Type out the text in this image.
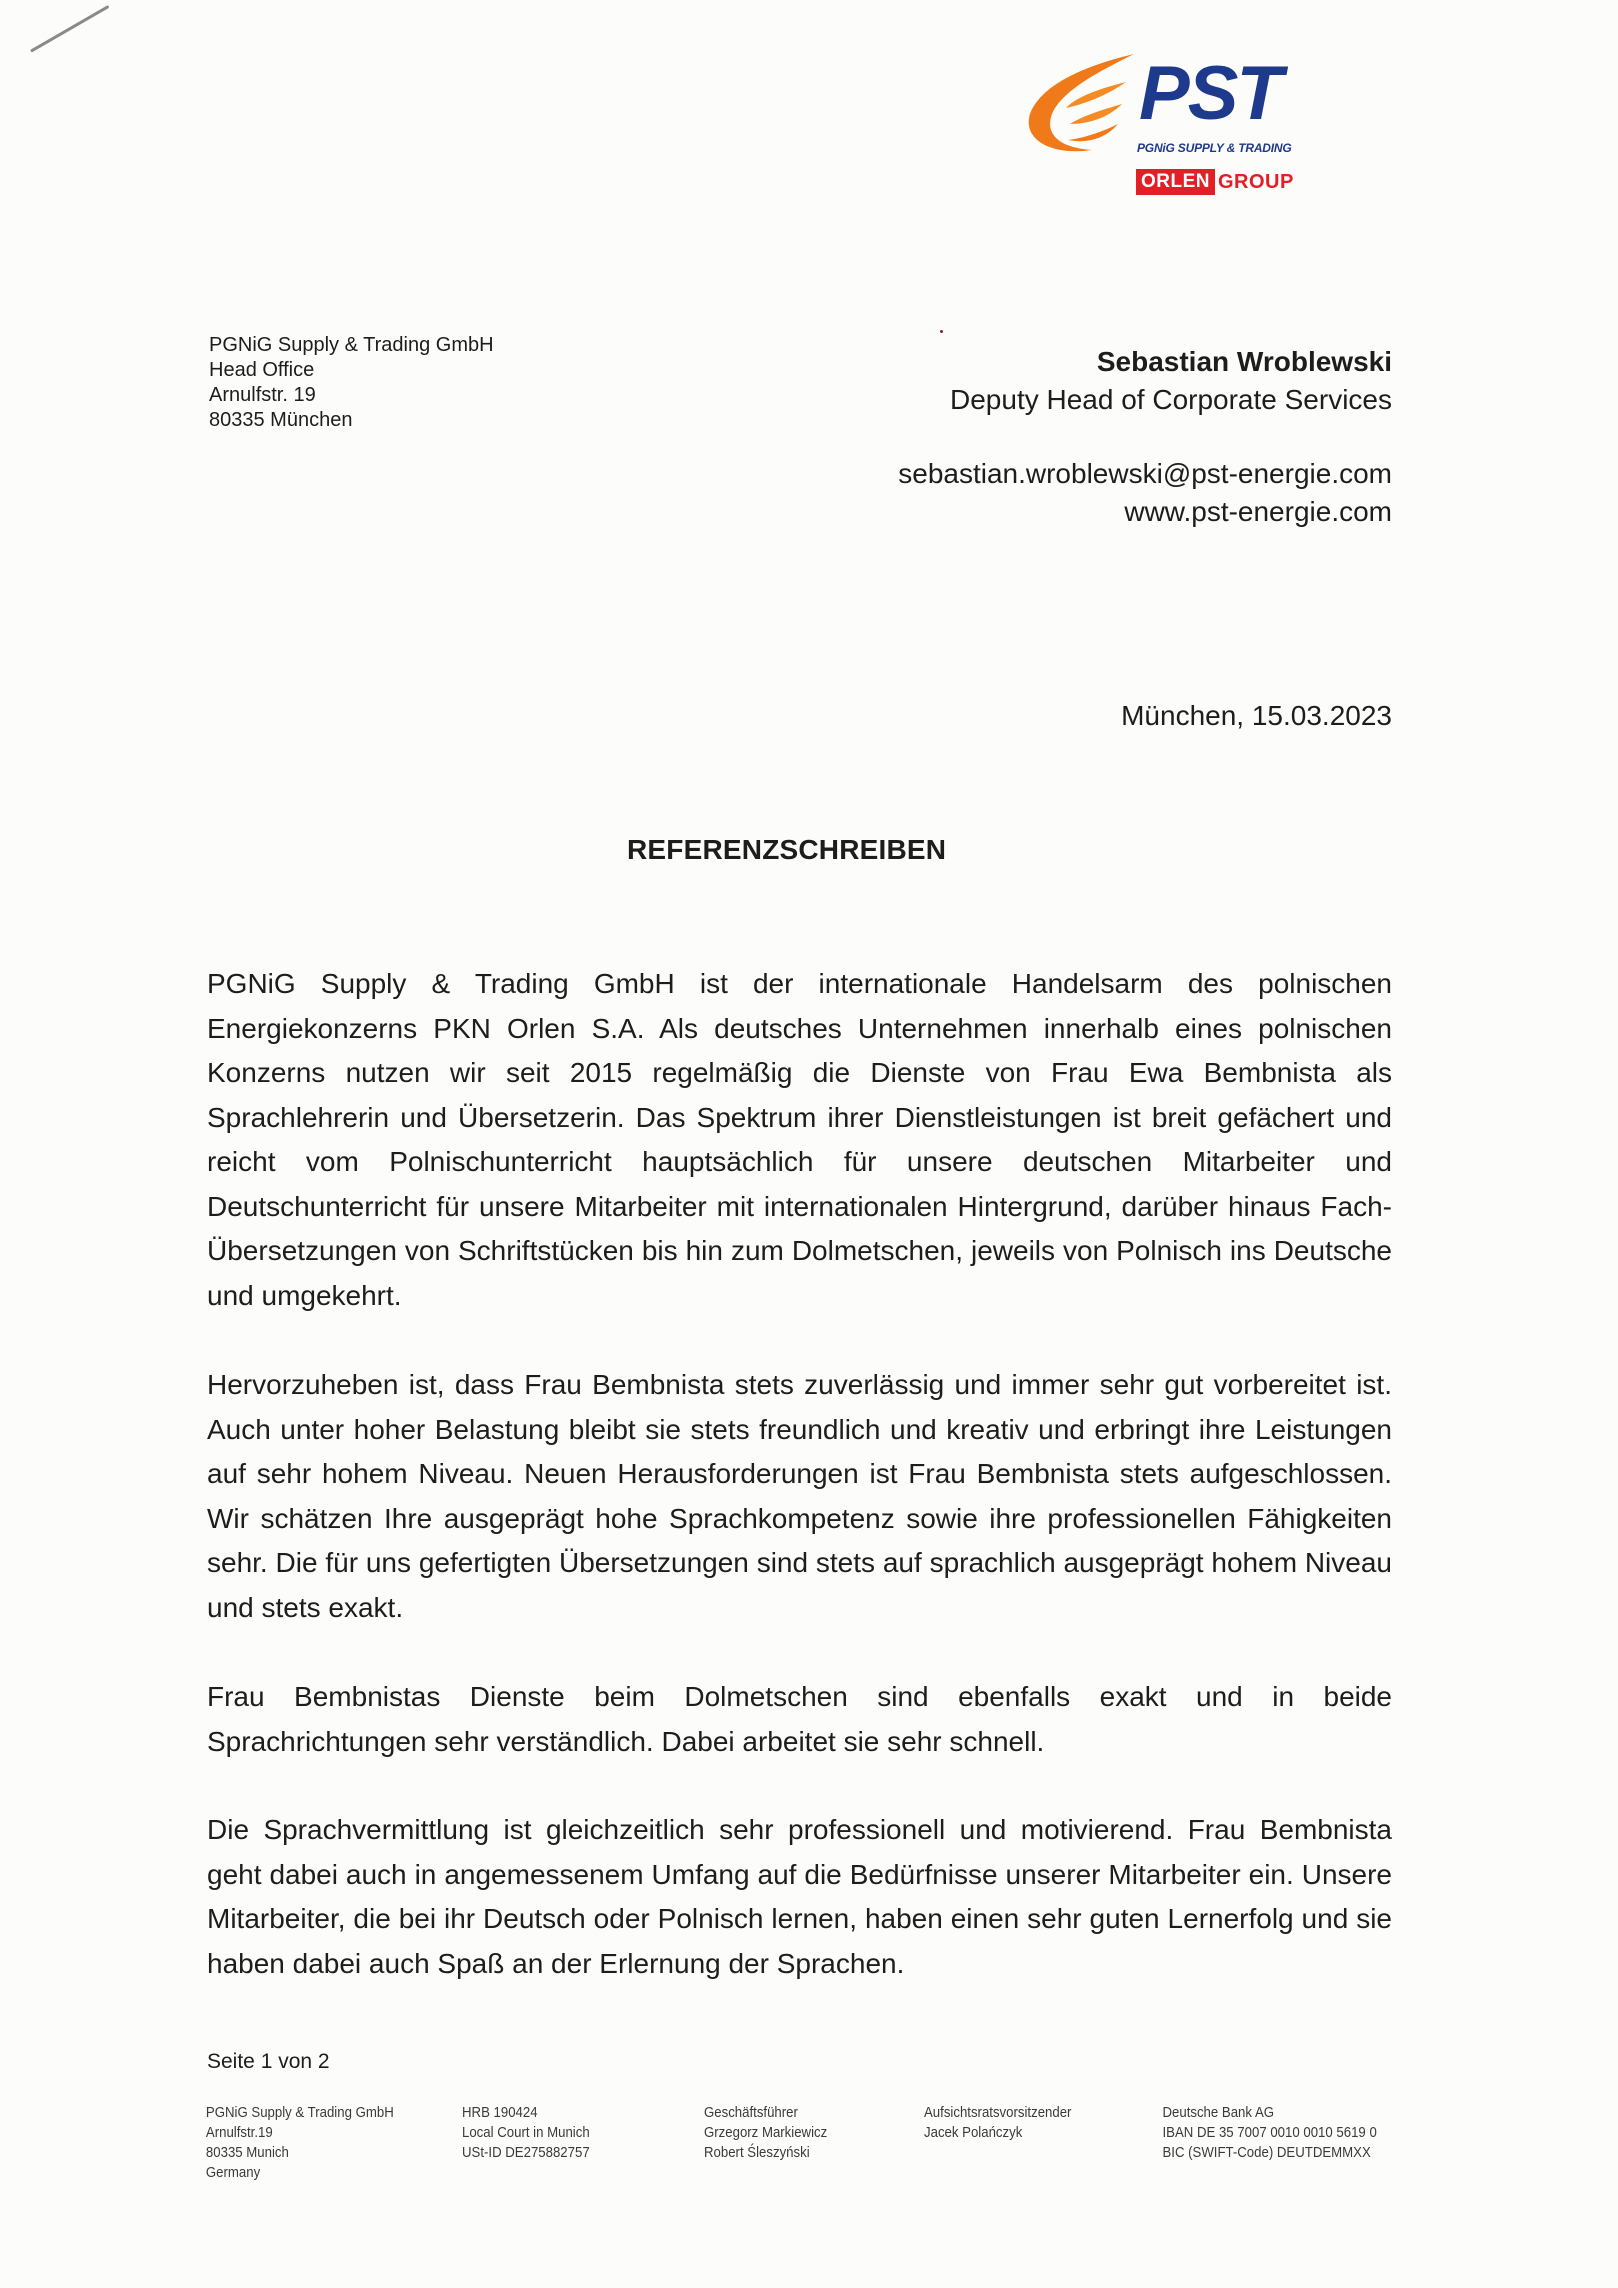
PST
PGNiG SUPPLY & TRADING
ORLEN GROUP
PGNiG Supply & Trading GmbH
Head Office
Arnulfstr. 19
80335 München
Sebastian Wroblewski
Deputy Head of Corporate Services
sebastian.wroblewski@pst-energie.com
www.pst-energie.com
München, 15.03.2023
REFERENZSCHREIBEN
PGNiG Supply & Trading GmbH ist der internationale Handelsarm des polnischen Energiekonzerns PKN Orlen S.A. Als deutsches Unternehmen innerhalb eines polnischen Konzerns nutzen wir seit 2015 regelmäßig die Dienste von Frau Ewa Bembnista als Sprachlehrerin und Übersetzerin. Das Spektrum ihrer Dienstleistungen ist breit gefächert und reicht vom Polnischunterricht hauptsächlich für unsere deutschen Mitarbeiter und Deutschunterricht für unsere Mitarbeiter mit internationalen Hintergrund, darüber hinaus Fach-Übersetzungen von Schriftstücken bis hin zum Dolmetschen, jeweils von Polnisch ins Deutsche und umgekehrt.
Hervorzuheben ist, dass Frau Bembnista stets zuverlässig und immer sehr gut vorbereitet ist. Auch unter hoher Belastung bleibt sie stets freundlich und kreativ und erbringt ihre Leistungen auf sehr hohem Niveau. Neuen Herausforderungen ist Frau Bembnista stets aufgeschlossen. Wir schätzen Ihre ausgeprägt hohe Sprachkompetenz sowie ihre professionellen Fähigkeiten sehr. Die für uns gefertigten Übersetzungen sind stets auf sprachlich ausgeprägt hohem Niveau und stets exakt.
Frau Bembnistas Dienste beim Dolmetschen sind ebenfalls exakt und in beide Sprachrichtungen sehr verständlich. Dabei arbeitet sie sehr schnell.
Die Sprachvermittlung ist gleichzeitlich sehr professionell und motivierend. Frau Bembnista geht dabei auch in angemessenem Umfang auf die Bedürfnisse unserer Mitarbeiter ein. Unsere Mitarbeiter, die bei ihr Deutsch oder Polnisch lernen, haben einen sehr guten Lernerfolg und sie haben dabei auch Spaß an der Erlernung der Sprachen.
Seite 1 von 2
PGNiG Supply & Trading GmbH
Arnulfstr.19
80335 Munich
Germany
HRB 190424
Local Court in Munich
USt-ID DE275882757
Geschäftsführer
Grzegorz Markiewicz
Robert Śleszyński
Aufsichtsratsvorsitzender
Jacek Polańczyk
Deutsche Bank AG
IBAN DE 35 7007 0010 0010 5619 0
BIC (SWIFT-Code) DEUTDEMMXX 
